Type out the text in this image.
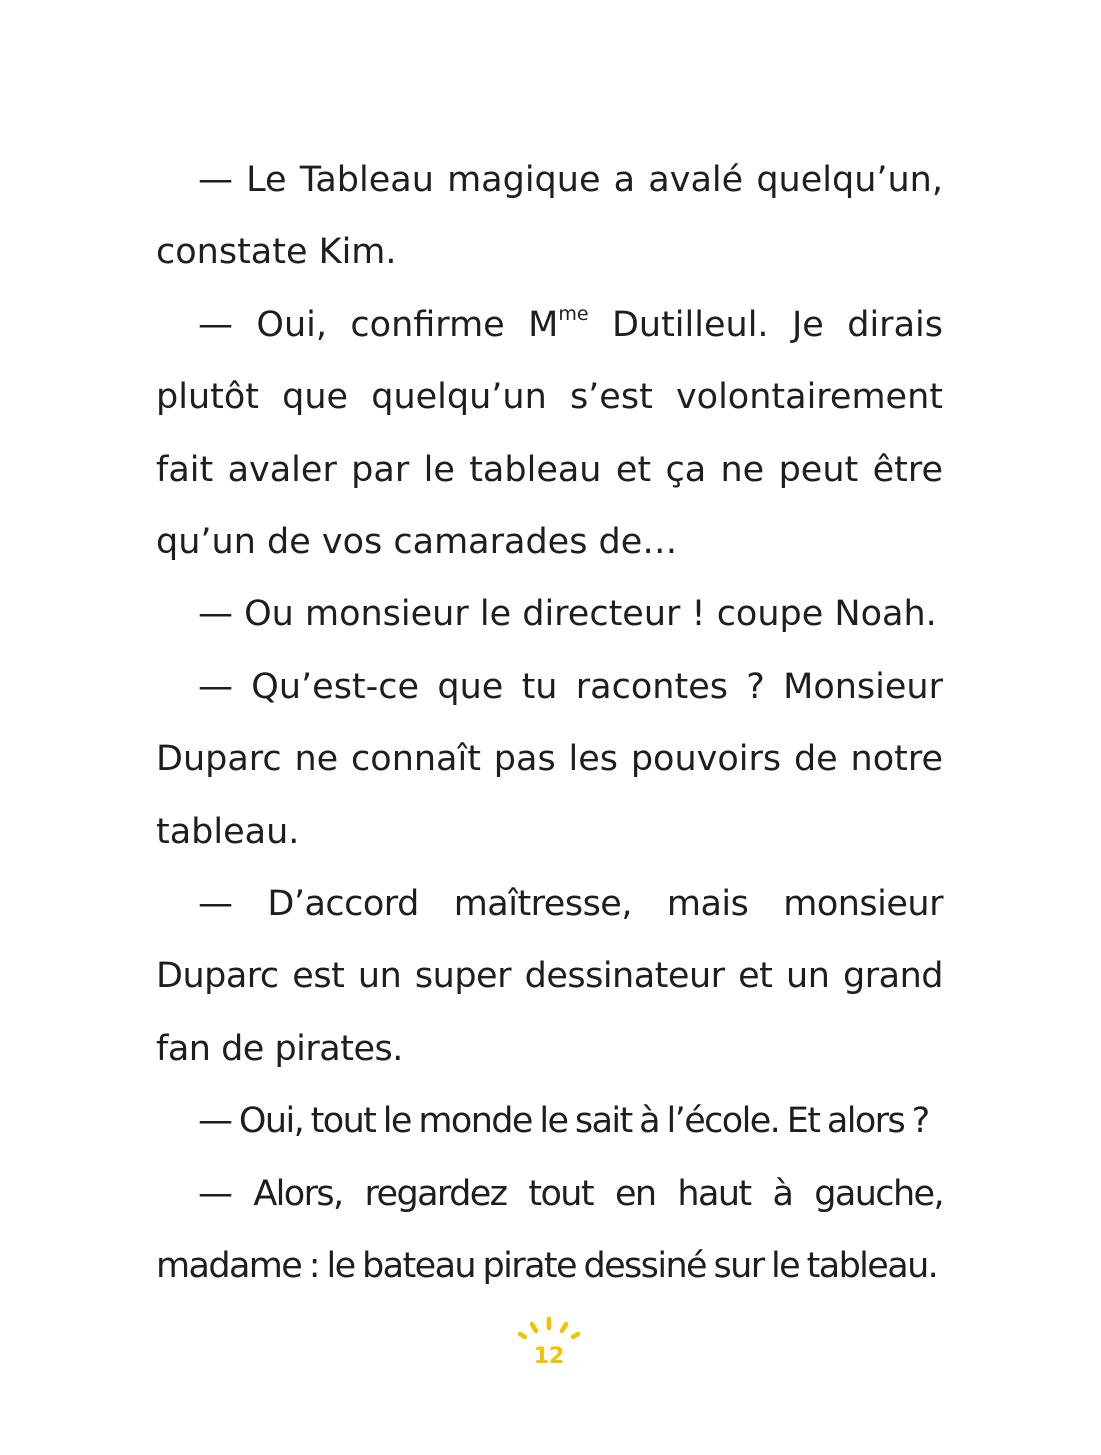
— Le Tableau magique a avalé quelqu’un,

constate Kim.

— Oui, confirme $M^{me}$ Dutilleul. Je dirais plutôt que quelqu’un s’est volontairement fait avaler par le tableau et ça ne peut être qu’un de vos camarades de…

— Ou monsieur le directeur ! coupe Noah.

— Qu’est-ce que tu racontes ? Monsieur Duparc ne connaît pas les pouvoirs de notre tableau.

— D’accord maîtresse, mais monsieur Duparc est un super dessinateur et un grand fan de pirates.

— Oui, tout le monde le sait à l’école. Et alors ?

— Alors, regardez tout en haut à gauche, madame : le bateau pirate dessiné sur le tableau.

12
